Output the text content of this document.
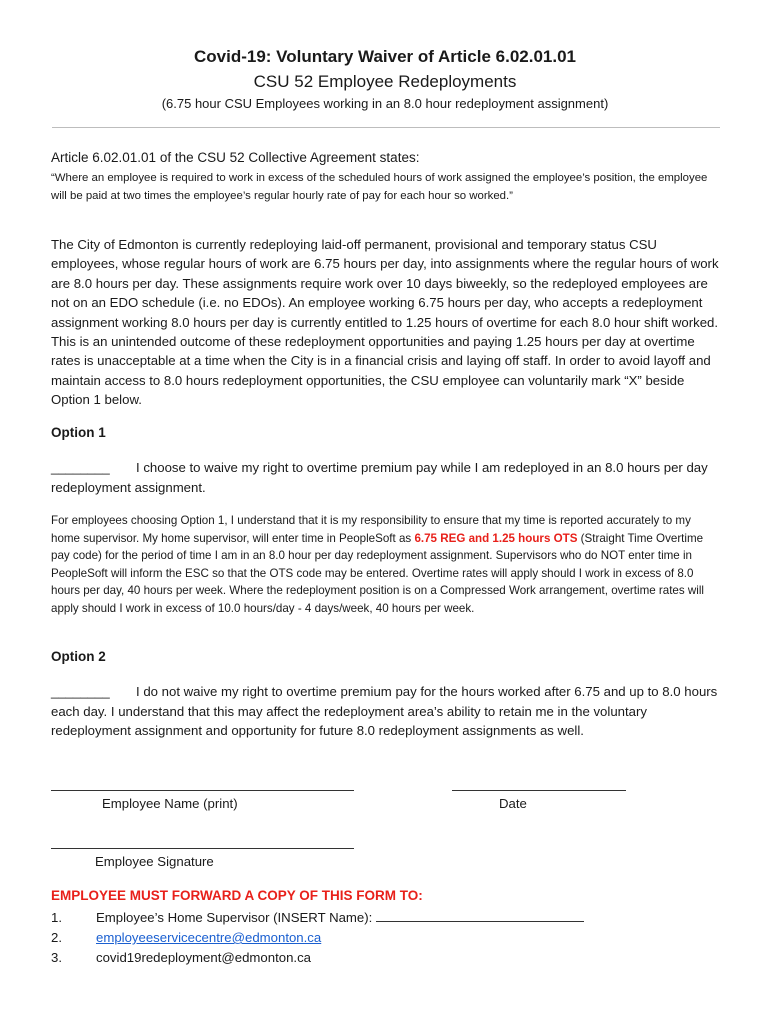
Covid-19: Voluntary Waiver of Article 6.02.01.01
CSU 52 Employee Redeployments
(6.75 hour CSU Employees working in an 8.0 hour redeployment assignment)
Article 6.02.01.01 of the CSU 52 Collective Agreement states:
“Where an employee is required to work in excess of the scheduled hours of work assigned the employee’s position, the employee will be paid at two times the employee’s regular hourly rate of pay for each hour so worked.”
The City of Edmonton is currently redeploying laid-off permanent, provisional and temporary status CSU employees, whose regular hours of work are 6.75 hours per day, into assignments where the regular hours of work are 8.0 hours per day. These assignments require work over 10 days biweekly, so the redeployed employees are not on an EDO schedule (i.e. no EDOs). An employee working 6.75 hours per day, who accepts a redeployment assignment working 8.0 hours per day is currently entitled to 1.25 hours of overtime for each 8.0 hour shift worked. This is an unintended outcome of these redeployment opportunities and paying 1.25 hours per day at overtime rates is unacceptable at a time when the City is in a financial crisis and laying off staff. In order to avoid layoff and maintain access to 8.0 hours redeployment opportunities, the CSU employee can voluntarily mark “X” beside Option 1 below.
Option 1
________ I choose to waive my right to overtime premium pay while I am redeployed in an 8.0 hours per day redeployment assignment.
For employees choosing Option 1, I understand that it is my responsibility to ensure that my time is reported accurately to my home supervisor. My home supervisor, will enter time in PeopleSoft as 6.75 REG and 1.25 hours OTS (Straight Time Overtime pay code) for the period of time I am in an 8.0 hour per day redeployment assignment. Supervisors who do NOT enter time in PeopleSoft will inform the ESC so that the OTS code may be entered. Overtime rates will apply should I work in excess of 8.0 hours per day, 40 hours per week. Where the redeployment position is on a Compressed Work arrangement, overtime rates will apply should I work in excess of 10.0 hours/day - 4 days/week, 40 hours per week.
Option 2
________ I do not waive my right to overtime premium pay for the hours worked after 6.75 and up to 8.0 hours each day. I understand that this may affect the redeployment area’s ability to retain me in the voluntary redeployment assignment and opportunity for future 8.0 redeployment assignments as well.
Employee Name (print)	Date
Employee Signature
EMPLOYEE MUST FORWARD A COPY OF THIS FORM TO:
1.	Employee’s Home Supervisor (INSERT Name):
2.	employeeservicecentre@edmonton.ca
3.	covid19redeployment@edmonton.ca
